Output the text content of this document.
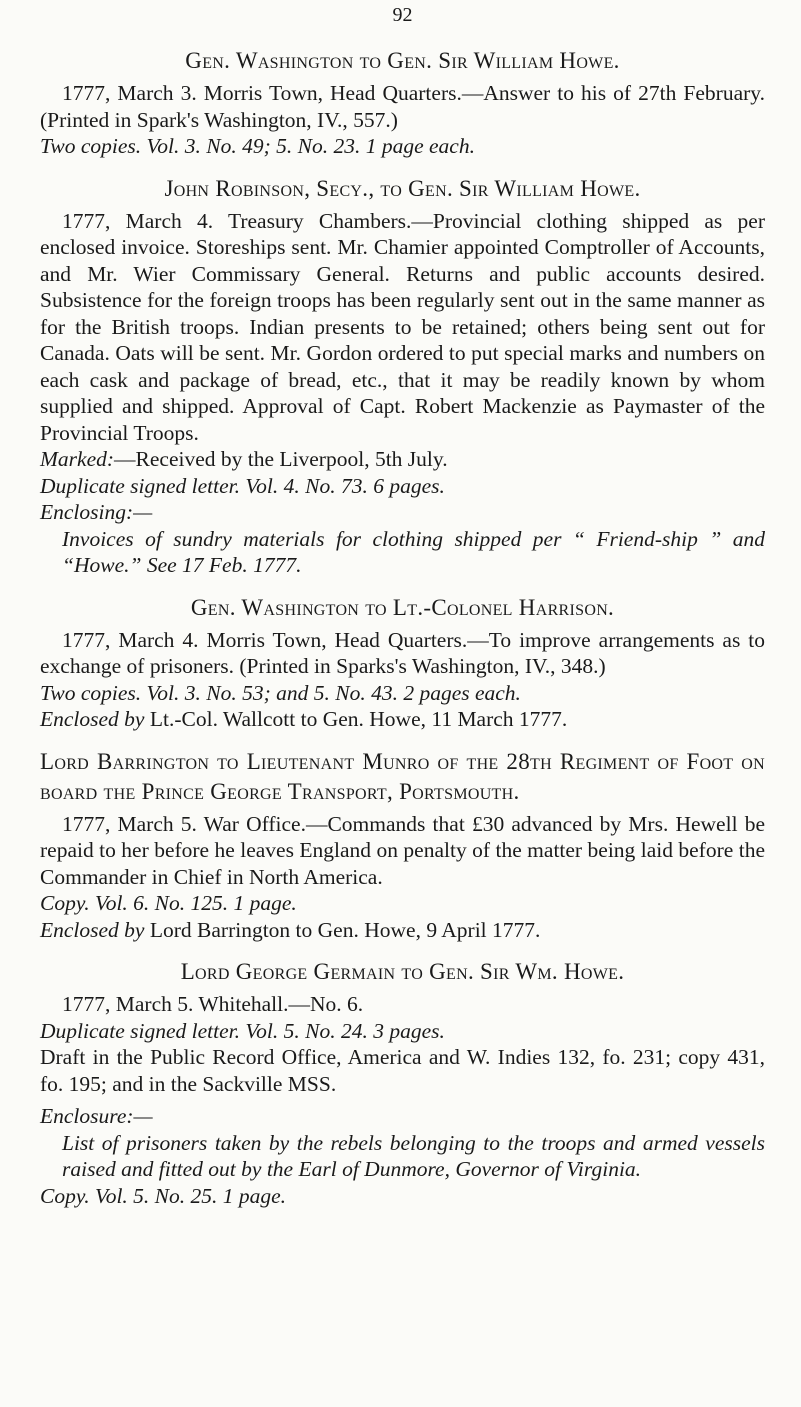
92
Gen. Washington to Gen. Sir William Howe.

1777, March 3. Morris Town, Head Quarters.—Answer to his of 27th February. (Printed in Spark's Washington, IV., 557.)

Two copies. Vol. 3. No. 49; 5. No. 23. 1 page each.

John Robinson, Secy., to Gen. Sir William Howe.

1777, March 4. Treasury Chambers.—Provincial clothing shipped as per enclosed invoice. Storeships sent. Mr. Chamier appointed Comptroller of Accounts, and Mr. Wier Commissary General. Returns and public accounts desired. Subsistence for the foreign troops has been regularly sent out in the same manner as for the British troops. Indian presents to be retained; others being sent out for Canada. Oats will be sent. Mr. Gordon ordered to put special marks and numbers on each cask and package of bread, etc., that it may be readily known by whom supplied and shipped. Approval of Capt. Robert Mackenzie as Paymaster of the Provincial Troops.

Marked:—Received by the Liverpool, 5th July.

Duplicate signed letter. Vol. 4. No. 73. 6 pages.

Enclosing:—

Invoices of sundry materials for clothing shipped per “ Friend-ship ” and “Howe.” See 17 Feb. 1777.

Gen. Washington to Lt.-Colonel Harrison.

1777, March 4. Morris Town, Head Quarters.—To improve arrangements as to exchange of prisoners. (Printed in Sparks's Washington, IV., 348.)

Two copies. Vol. 3. No. 53; and 5. No. 43. 2 pages each.

Enclosed by Lt.-Col. Wallcott to Gen. Howe, 11 March 1777.

Lord Barrington to Lieutenant Munro of the 28th Regiment of Foot on board the Prince George Transport, Portsmouth.

1777, March 5. War Office.—Commands that £30 advanced by Mrs. Hewell be repaid to her before he leaves England on penalty of the matter being laid before the Commander in Chief in North America.

Copy. Vol. 6. No. 125. 1 page.

Enclosed by Lord Barrington to Gen. Howe, 9 April 1777.

Lord George Germain to Gen. Sir Wm. Howe.

1777, March 5. Whitehall.—No. 6.

Duplicate signed letter. Vol. 5. No. 24. 3 pages.

Draft in the Public Record Office, America and W. Indies 132, fo. 231; copy 431, fo. 195; and in the Sackville MSS.

Enclosure:—

List of prisoners taken by the rebels belonging to the troops and armed vessels raised and fitted out by the Earl of Dunmore, Governor of Virginia.

Copy. Vol. 5. No. 25. 1 page.
